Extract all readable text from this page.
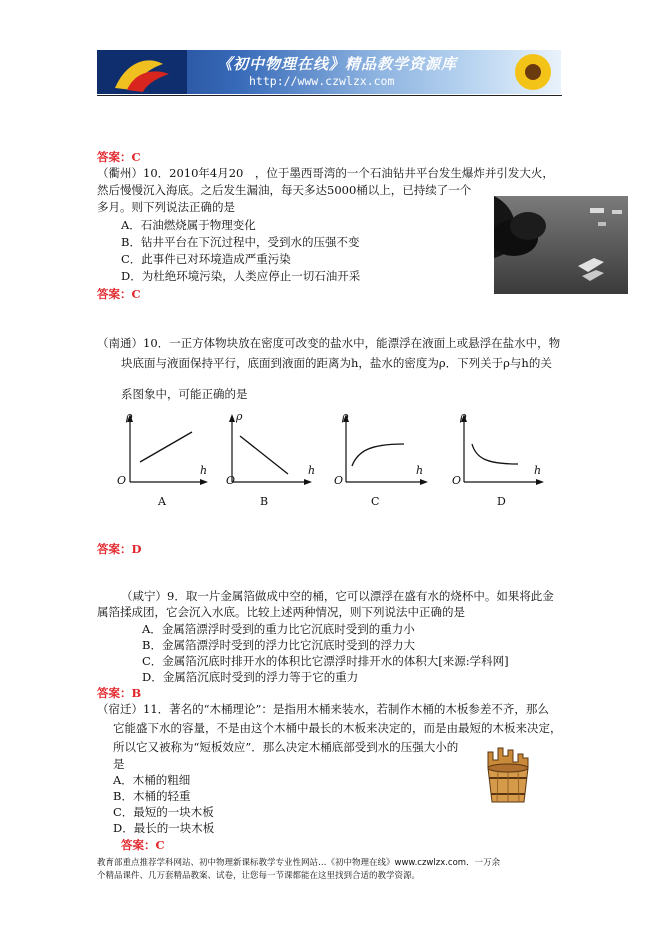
《初中物理在线》精品教学资源库
http://www.czwlzx.com
答案：C
（衢州）10．2010年4月20　，位于墨西哥湾的一个石油钻井平台发生爆炸并引发大火，
然后慢慢沉入海底。之后发生漏油，每天多达5000桶以上，已持续了一个
多月。则下列说法正确的是
A．石油燃烧属于物理变化
B．钻井平台在下沉过程中，受到水的压强不变
C．此事件已对环境造成严重污染
D．为杜绝环境污染，人类应停止一切石油开采
答案：C
（南通）10．一正方体物块放在密度可改变的盐水中，能漂浮在液面上或悬浮在盐水中，物
块底面与液面保持平行，底面到液面的距离为h，盐水的密度为ρ．下列关于ρ与h的关
系图象中，可能正确的是
ρ
h
O
A
ρ
h
O
B
ρ
h
O
C
ρ
h
O
D
答案：D
（咸宁）9．取一片金属箔做成中空的桶，它可以漂浮在盛有水的烧杯中。如果将此金
属箔揉成团，它会沉入水底。比较上述两种情况，则下列说法中正确的是
A．金属箔漂浮时受到的重力比它沉底时受到的重力小
B．金属箔漂浮时受到的浮力比它沉底时受到的浮力大
C．金属箔沉底时排开水的体积比它漂浮时排开水的体积大[来源:学科网]
D．金属箔沉底时受到的浮力等于它的重力
答案：B
（宿迁）11．著名的“木桶理论”：是指用木桶来装水，若制作木桶的木板参差不齐，那么
它能盛下水的容量，不是由这个木桶中最长的木板来决定的，而是由最短的木板来决定，
所以它又被称为“短板效应”．那么决定木桶底部受到水的压强大小的
是
A．木桶的粗细
B．木桶的轻重
C．最短的一块木板
D．最长的一块木板
答案：C
教育部重点推荐学科网站、初中物理新课标教学专业性网站…《初中物理在线》www.czwlzx.com．一万余
个精品课件、几万套精品教案、试卷，让您每一节课都能在这里找到合适的教学资源。
